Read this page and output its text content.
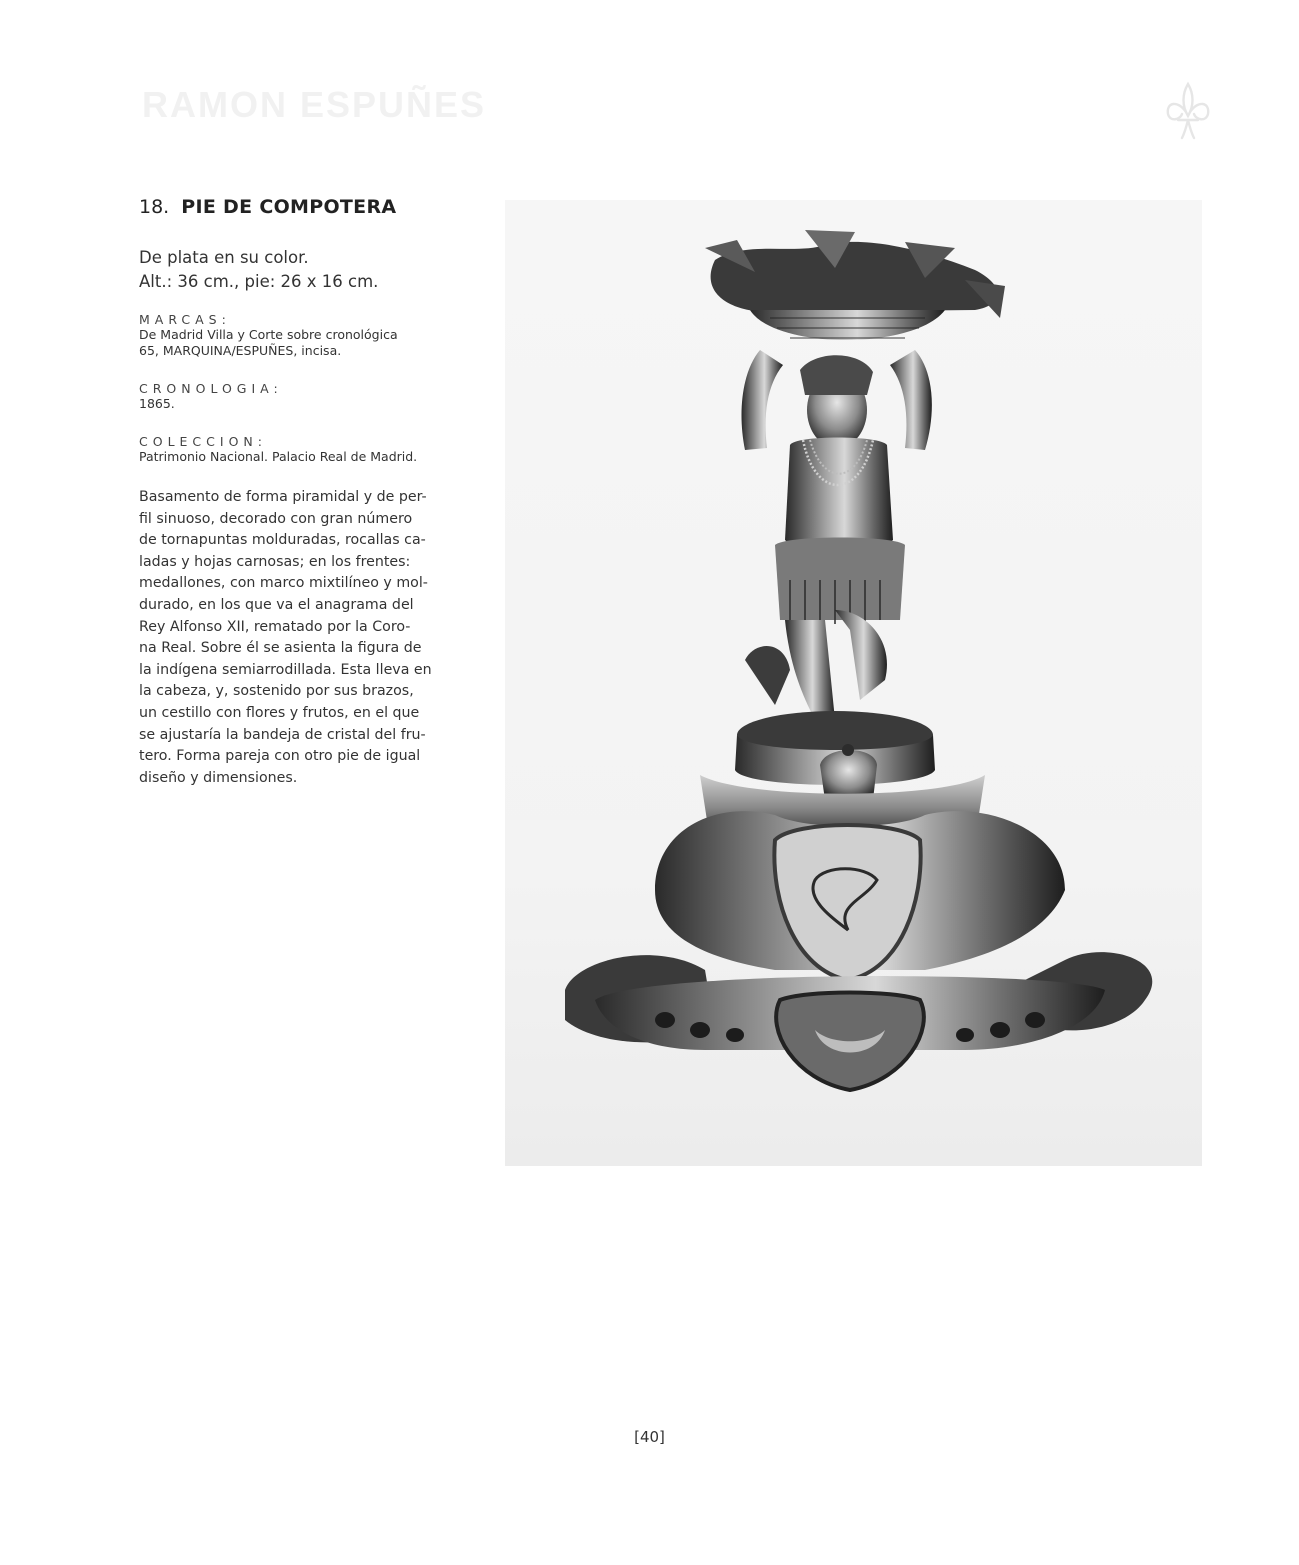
RAMON ESPUÑES
18. PIE DE COMPOTERA
De plata en su color.
Alt.: 36 cm., pie: 26 x 16 cm.
MARCAS:
De Madrid Villa y Corte sobre cronológica
65, MARQUINA/ESPUÑES, incisa.
CRONOLOGIA:
1865.
COLECCION:
Patrimonio Nacional. Palacio Real de Madrid.
Basamento de forma piramidal y de per-
fil sinuoso, decorado con gran número
de tornapuntas molduradas, rocallas ca-
ladas y hojas carnosas; en los frentes:
medallones, con marco mixtilíneo y mol-
durado, en los que va el anagrama del
Rey Alfonso XII, rematado por la Coro-
na Real. Sobre él se asienta la figura de
la indígena semiarrodillada. Esta lleva en
la cabeza, y, sostenido por sus brazos,
un cestillo con flores y frutos, en el que
se ajustaría la bandeja de cristal del fru-
tero. Forma pareja con otro pie de igual
diseño y dimensiones.
[40]
